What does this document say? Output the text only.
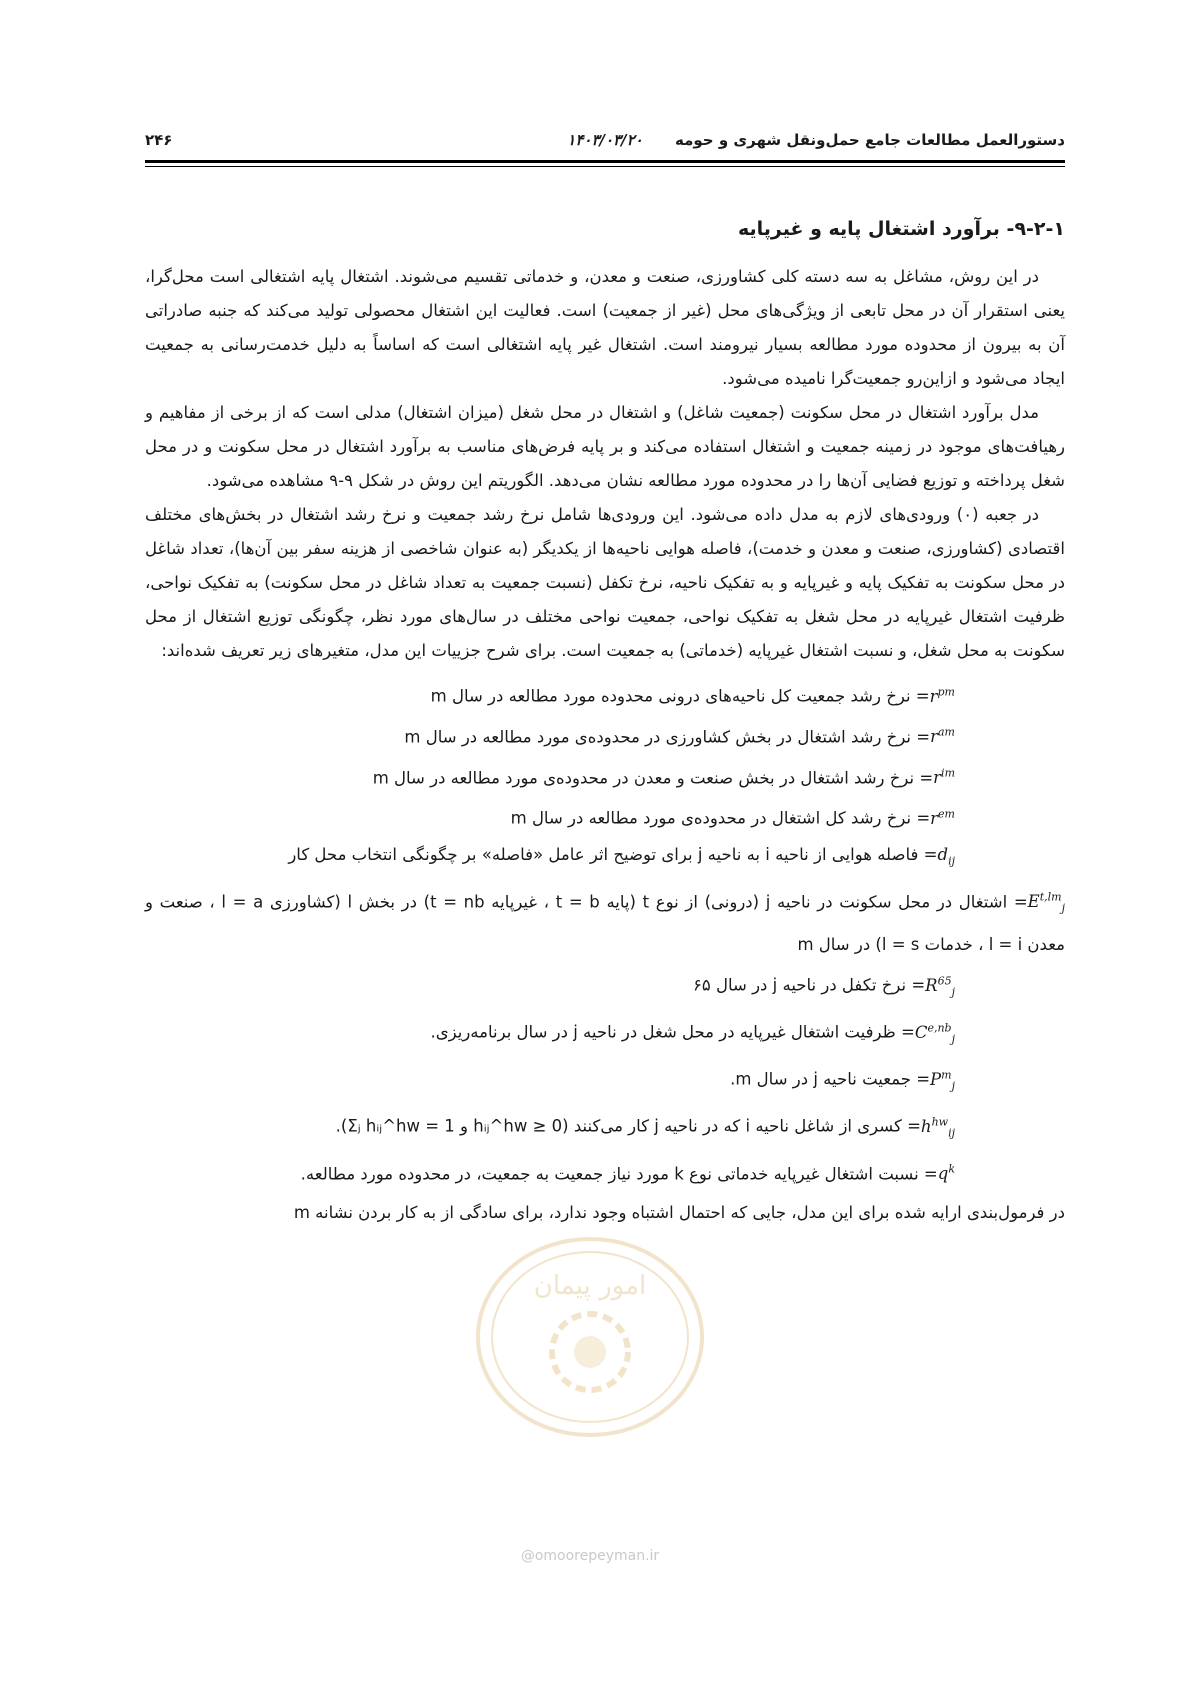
دستورالعمل مطالعات جامع حمل‌ونقل شهری و حومه
۱۴۰۳/۰۳/۲۰
۲۴۶
۹-۲-۱- برآورد اشتغال پایه و غیرپایه

در این روش، مشاغل به سه دسته کلی کشاورزی، صنعت و معدن، و خدماتی تقسیم می‌شوند. اشتغال پایه اشتغالی است محل‌گرا، یعنی استقرار آن در محل تابعی از ویژگی‌های محل (غیر از جمعیت) است. فعالیت این اشتغال محصولی تولید می‌کند که جنبه صادراتی آن به بیرون از محدوده مورد مطالعه بسیار نیرومند است. اشتغال غیر پایه اشتغالی است که اساساً به دلیل خدمت‌رسانی به جمعیت ایجاد می‌شود و ازاین‌رو جمعیت‌گرا نامیده می‌شود.

مدل برآورد اشتغال در محل سکونت (جمعیت شاغل) و اشتغال در محل شغل (میزان اشتغال) مدلی است که از برخی از مفاهیم و رهیافت‌های موجود در زمینه جمعیت و اشتغال استفاده می‌کند و بر پایه فرض‌های مناسب به برآورد اشتغال در محل سکونت و در محل شغل پرداخته و توزیع فضایی آن‌ها را در محدوده مورد مطالعه نشان می‌دهد. الگوریتم این روش در شکل ۹-۹ مشاهده می‌شود.

در جعبه (۰) ورودی‌های لازم به مدل داده می‌شود. این ورودی‌ها شامل نرخ رشد جمعیت و نرخ رشد اشتغال در بخش‌های مختلف اقتصادی (کشاورزی، صنعت و معدن و خدمت)، فاصله هوایی ناحیه‌ها از یکدیگر (به عنوان شاخصی از هزینه سفر بین آن‌ها)، تعداد شاغل در محل سکونت به تفکیک پایه و غیرپایه و به تفکیک ناحیه، نرخ تکفل (نسبت جمعیت به تعداد شاغل در محل سکونت) به تفکیک نواحی، ظرفیت اشتغال غیرپایه در محل شغل به تفکیک نواحی، جمعیت نواحی مختلف در سال‌های مورد نظر، چگونگی توزیع اشتغال از محل سکونت به محل شغل، و نسبت اشتغال غیرپایه (خدماتی) به جمعیت است. برای شرح جزییات این مدل، متغیرهای زیر تعریف شده‌اند:

$r^{pm}=$ نرخ رشد جمعیت کل ناحیه‌های درونی محدوده مورد مطالعه در سال m
$r^{am}=$ نرخ رشد اشتغال در بخش کشاورزی در محدوده‌ی مورد مطالعه در سال m
$r^{im}=$ نرخ رشد اشتغال در بخش صنعت و معدن در محدوده‌ی مورد مطالعه در سال m
$r^{em}=$ نرخ رشد کل اشتغال در محدوده‌ی مورد مطالعه در سال m
$d_{ij}=$ فاصله هوایی از ناحیه i به ناحیه j برای توضیح اثر عامل «فاصله» بر چگونگی انتخاب محل کار
$E^{t,lm}_j=$ اشتغال در محل سکونت در ناحیه j (درونی) از نوع t (پایه t = b ، غیرپایه t = nb) در بخش l (کشاورزی l = a ، صنعت و معدن l = i ، خدمات l = s) در سال m
$R^{65}_j=$ نرخ تکفل در ناحیه j در سال ۶۵
$C^{e,nb}_j=$ ظرفیت اشتغال غیرپایه در محل شغل در ناحیه j در سال برنامه‌ریزی.
$P^m_j=$ جمعیت ناحیه j در سال m.
$h^{hw}_{ij}=$ کسری از شاغل ناحیه i که در ناحیه j کار می‌کنند (0 ≤ hᵢⱼ^hw و Σⱼ hᵢⱼ^hw = 1).
$q^k=$ نسبت اشتغال غیرپایه خدماتی نوع k مورد نیاز جمعیت به جمعیت، در محدوده مورد مطالعه.
در فرمول‌بندی ارایه شده برای این مدل، جایی که احتمال اشتباه وجود ندارد، برای سادگی از به کار بردن نشانه m
امور پیمان
@omoorepeyman.ir
